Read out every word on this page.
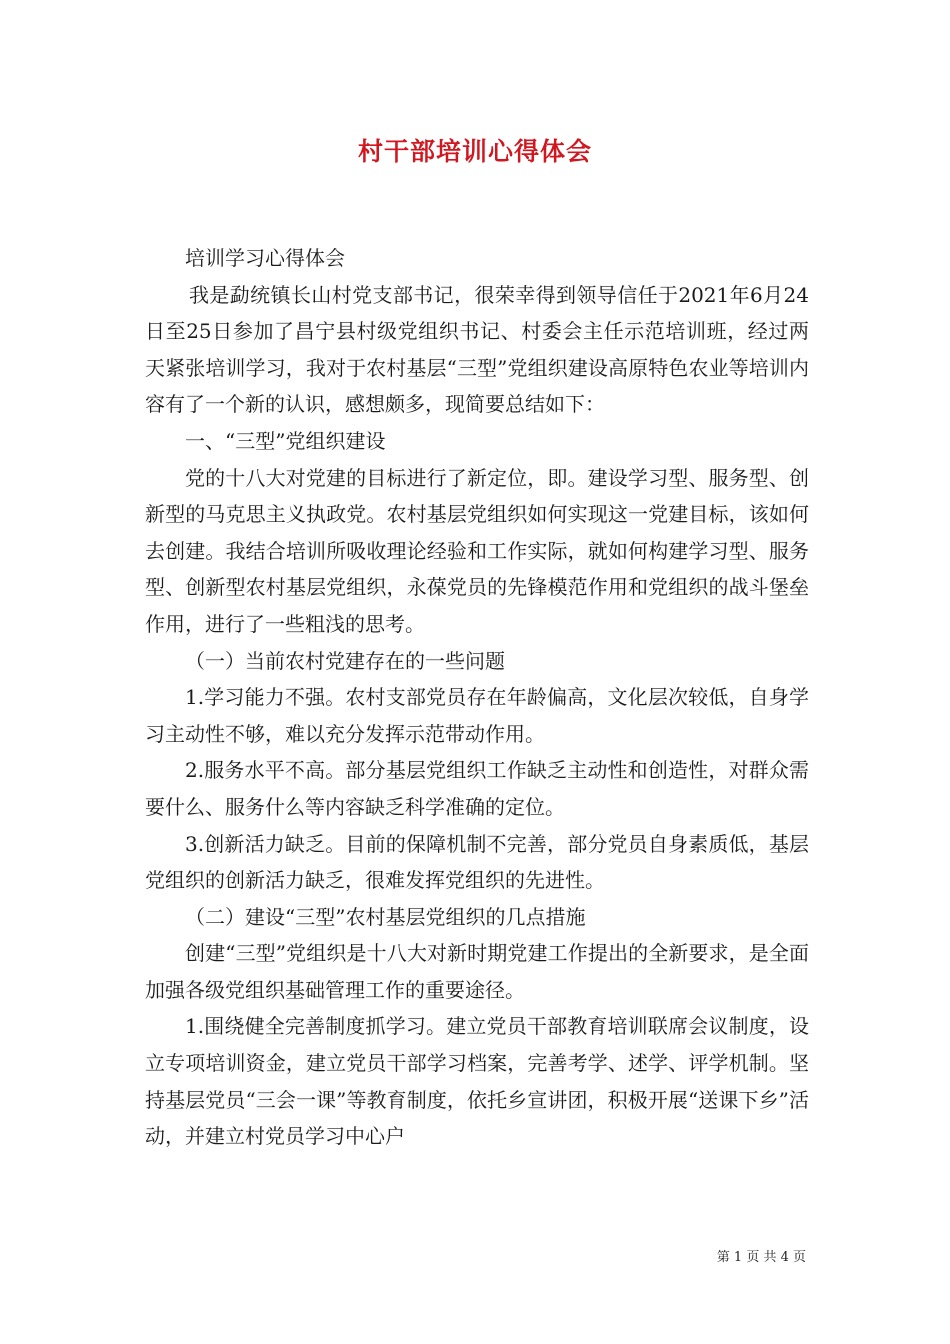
村干部培训心得体会

培训学习心得体会

我是勐统镇长山村党支部书记，很荣幸得到领导信任于2021年6月24日至25日参加了昌宁县村级党组织书记、村委会主任示范培训班，经过两天紧张培训学习，我对于农村基层“三型”党组织建设高原特色农业等培训内容有了一个新的认识，感想颇多，现简要总结如下：

一、“三型”党组织建设

党的十八大对党建的目标进行了新定位，即。建设学习型、服务型、创新型的马克思主义执政党。农村基层党组织如何实现这一党建目标，该如何去创建。我结合培训所吸收理论经验和工作实际，就如何构建学习型、服务型、创新型农村基层党组织，永葆党员的先锋模范作用和党组织的战斗堡垒作用，进行了一些粗浅的思考。

（一）当前农村党建存在的一些问题

1.学习能力不强。农村支部党员存在年龄偏高，文化层次较低，自身学习主动性不够，难以充分发挥示范带动作用。

2.服务水平不高。部分基层党组织工作缺乏主动性和创造性，对群众需要什么、服务什么等内容缺乏科学准确的定位。

3.创新活力缺乏。目前的保障机制不完善，部分党员自身素质低，基层党组织的创新活力缺乏，很难发挥党组织的先进性。

（二）建设“三型”农村基层党组织的几点措施

创建“三型”党组织是十八大对新时期党建工作提出的全新要求，是全面加强各级党组织基础管理工作的重要途径。

1.围绕健全完善制度抓学习。建立党员干部教育培训联席会议制度，设立专项培训资金，建立党员干部学习档案，完善考学、述学、评学机制。坚持基层党员“三会一课”等教育制度，依托乡宣讲团，积极开展“送课下乡”活动，并建立村党员学习中心户

第 1 页 共 4 页
